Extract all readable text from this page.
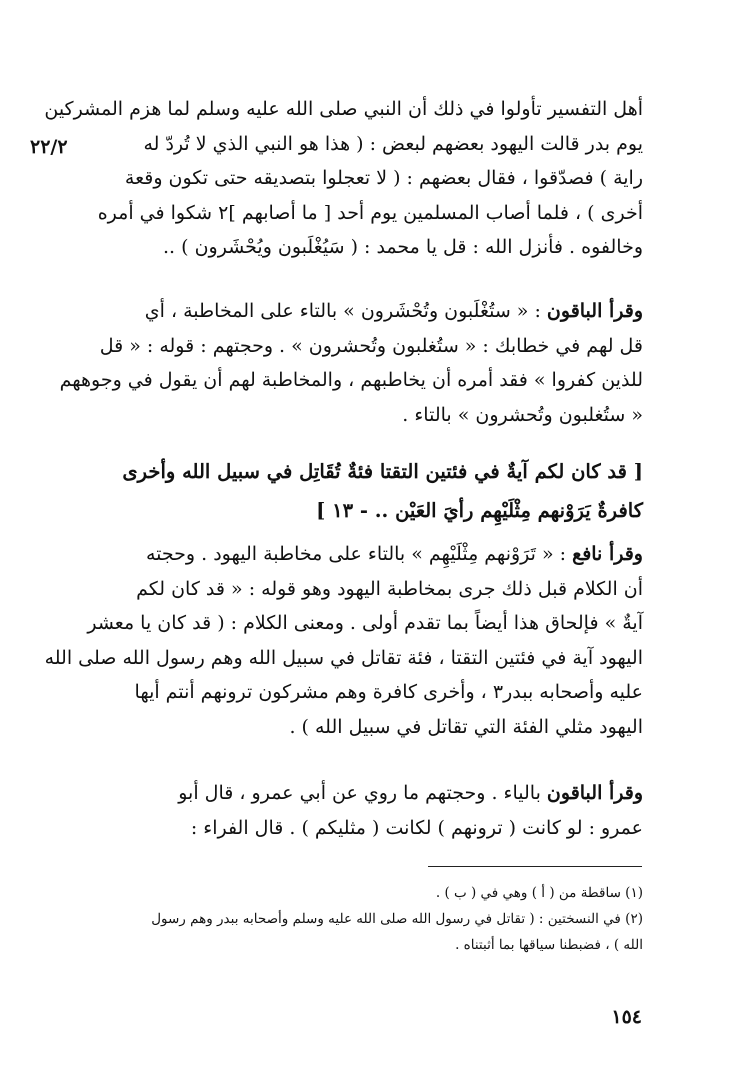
٢٢/٢
أهل التفسير تأولوا في ذلك أن النبي صلى الله عليه وسلم لما هزم المشركين
يوم بدر قالت اليهود بعضهم لبعض : ( هذا هو النبي الذي لا تُردّ له
راية ) فصدّقوا ، فقال بعضهم : ( لا تعجلوا بتصديقه حتى تكون وقعة
أخرى ) ، فلما أصاب المسلمين يوم أحد [ ما أصابهم ]٢ شكوا في أمره
وخالفوه . فأنزل الله : قل يا محمد : ( سَيُغْلَبون ويُحْشَرون ) ..
وقرأ الباقون : « ستُغْلَبون وتُحْشَرون » بالتاء على المخاطبة ، أي
قل لهم في خطابك : « ستُغلبون وتُحشرون » . وحجتهم : قوله : « قل
للذين كفروا » فقد أمره أن يخاطبهم ، والمخاطبة لهم أن يقول في وجوههم
« ستُغلبون وتُحشرون » بالتاء .
[ قد كان لكم آيةٌ في فئتين التقتا فئةٌ تُقَاتِل في سبيل الله وأخرى
كافرةٌ يَرَوْنهم مِثْلَيْهِم رأيَ العَيْن .. - ١٣ ]
وقرأ نافع : « تَرَوْنهم مِثْلَيْهِم » بالتاء على مخاطبة اليهود . وحجته
أن الكلام قبل ذلك جرى بمخاطبة اليهود وهو قوله : « قد كان لكم
آيةٌ » فإلحاق هذا أيضاً بما تقدم أولى . ومعنى الكلام : ( قد كان يا معشر
اليهود آية في فئتين التقتا ، فئة تقاتل في سبيل الله وهم رسول الله صلى الله
عليه وأصحابه ببدر٣ ، وأخرى كافرة وهم مشركون ترونهم أنتم أيها
اليهود مثلي الفئة التي تقاتل في سبيل الله ) .
وقرأ الباقون بالياء . وحجتهم ما روي عن أبي عمرو ، قال أبو
عمرو : لو كانت ( ترونهم ) لكانت ( مثليكم ) . قال الفراء :
(١) ساقطة من ( أ ) وهي في ( ب ) .
(٢) في النسختين : ( تقاتل في رسول الله صلى الله عليه وسلم وأصحابه ببدر وهم رسول
الله ) ، فضبطنا سياقها بما أثبتناه .
١٥٤
